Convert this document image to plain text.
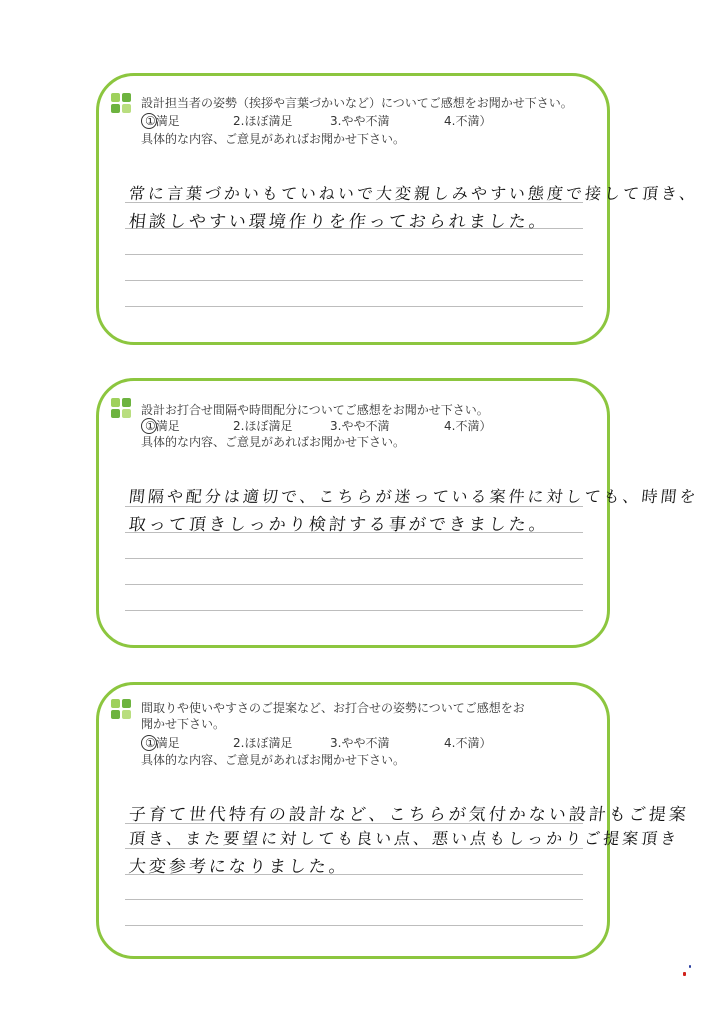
設計担当者の姿勢（挨拶や言葉づかいなど）についてご感想をお聞かせ下さい。
①満足	2.ほぼ満足	3.やや不満	4.不満）
具体的な内容、ご意見があればお聞かせ下さい。
常に言葉づかいもていねいで大変親しみやすい態度で接して頂き、
相談しやすい環境作りを作っておられました。
設計お打合せ間隔や時間配分についてご感想をお聞かせ下さい。
①満足	2.ほぼ満足	3.やや不満	4.不満）
具体的な内容、ご意見があればお聞かせ下さい。
間隔や配分は適切で、こちらが迷っている案件に対しても、時間を
取って頂きしっかり検討する事ができました。
間取りや使いやすさのご提案など、お打合せの姿勢についてご感想をお
聞かせ下さい。
①満足	2.ほぼ満足	3.やや不満	4.不満）
具体的な内容、ご意見があればお聞かせ下さい。
子育て世代特有の設計など、こちらが気付かない設計もご提案
頂き、また要望に対しても良い点、悪い点もしっかりご提案頂き
大変参考になりました。
